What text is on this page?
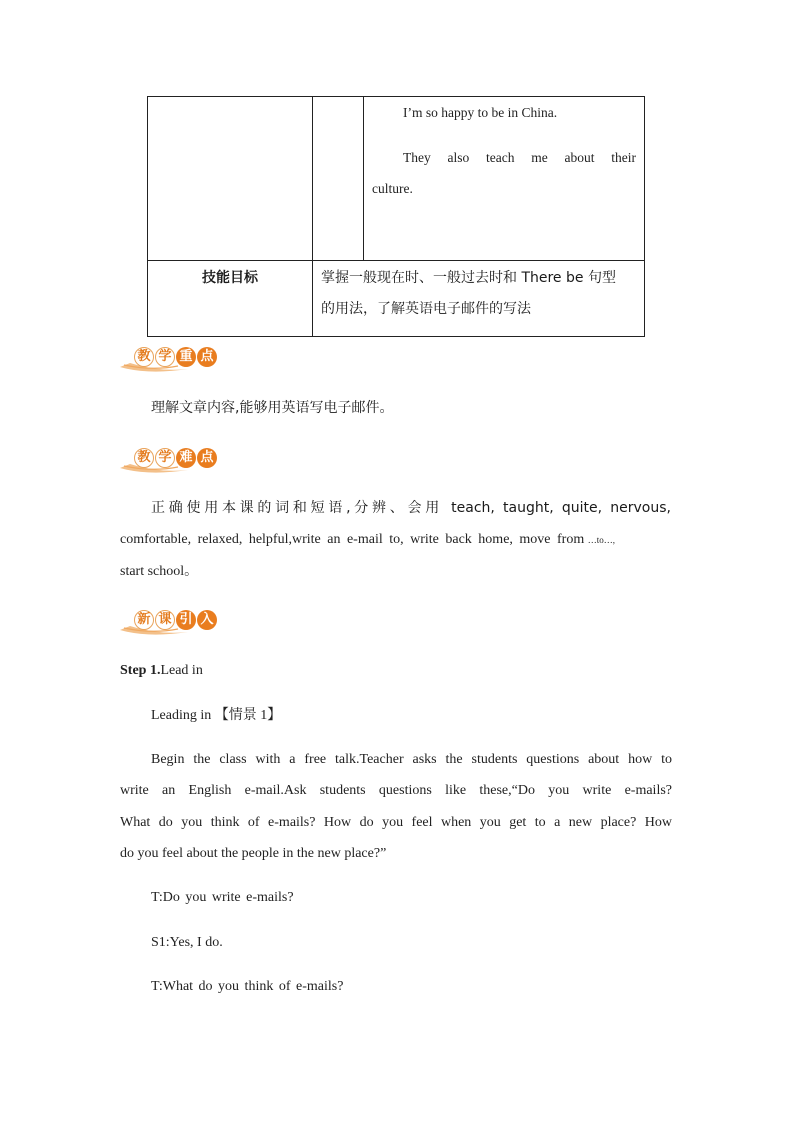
I’m so happy to be in China.
They also teach me about their
culture.
技能目标	掌握一般现在时、一般过去时和 There be 句型
的用法，了解英语电子邮件的写法
教 学 重 点
理解文章内容,能够用英语写电子邮件。
教 学 难 点
正确使用本课的词和短语,分辨、会用 teach, taught, quite, nervous,
comfortable, relaxed, helpful,write an e-mail to, write back home, move from …to…,
start school。
新 课 引 入
Step 1.Lead in
Leading in 【情景 1】
Begin the class with a free talk.Teacher asks the students questions about how to
write an English e-mail.Ask students questions like these,“Do you write e-mails?
What do you think of e-mails? How do you feel when you get to a new place? How
do you feel about the people in the new place?”
T:Do you write e-mails?
S1:Yes, I do.
T:What do you think of e-mails?
